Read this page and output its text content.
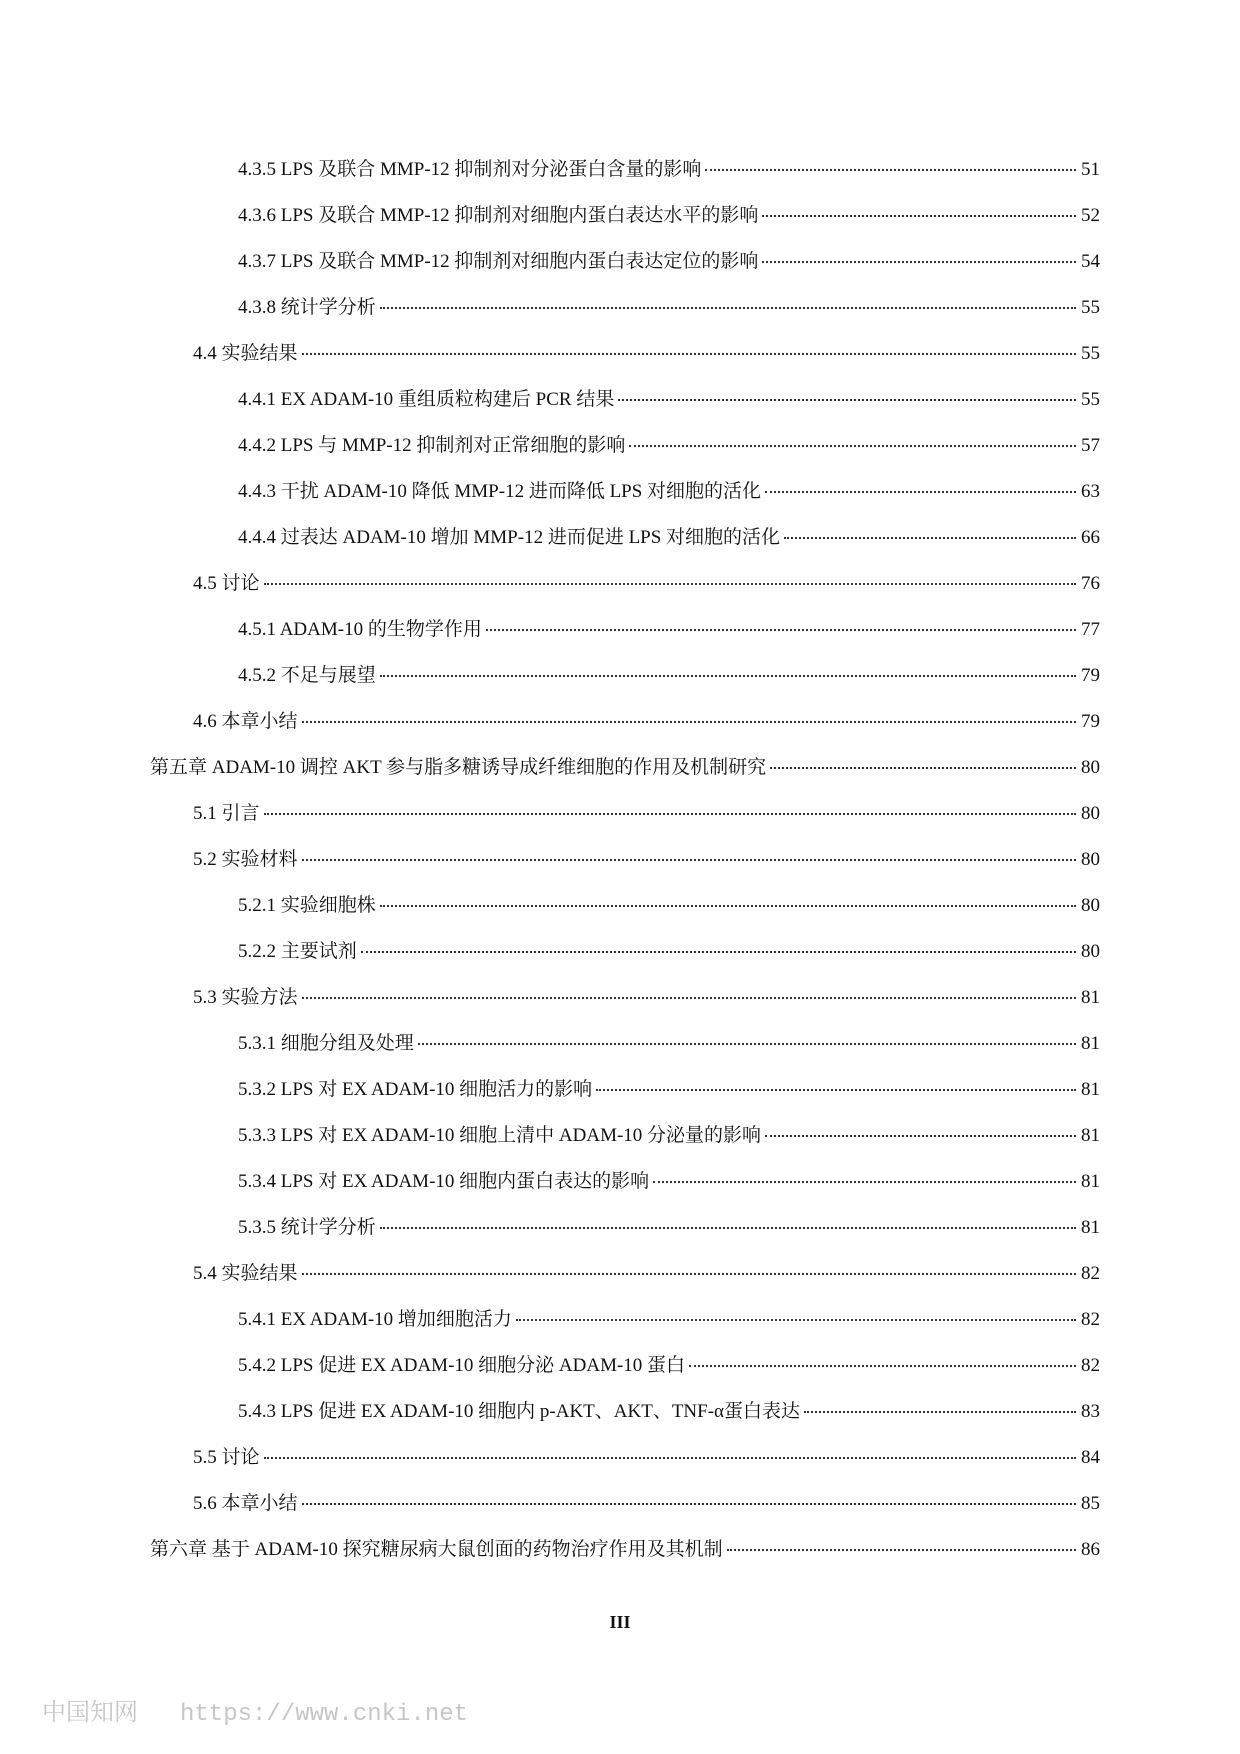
4.3.5 LPS 及联合 MMP-12 抑制剂对分泌蛋白含量的影响	51
4.3.6 LPS 及联合 MMP-12 抑制剂对细胞内蛋白表达水平的影响	52
4.3.7 LPS 及联合 MMP-12 抑制剂对细胞内蛋白表达定位的影响	54
4.3.8 统计学分析	55
4.4 实验结果	55
4.4.1 EX ADAM-10 重组质粒构建后 PCR 结果	55
4.4.2 LPS 与 MMP-12 抑制剂对正常细胞的影响	57
4.4.3 干扰 ADAM-10 降低 MMP-12 进而降低 LPS 对细胞的活化	63
4.4.4 过表达 ADAM-10 增加 MMP-12 进而促进 LPS 对细胞的活化	66
4.5 讨论	76
4.5.1 ADAM-10 的生物学作用	77
4.5.2 不足与展望	79
4.6 本章小结	79
第五章 ADAM-10 调控 AKT 参与脂多糖诱导成纤维细胞的作用及机制研究	80
5.1 引言	80
5.2 实验材料	80
5.2.1 实验细胞株	80
5.2.2 主要试剂	80
5.3 实验方法	81
5.3.1 细胞分组及处理	81
5.3.2 LPS 对 EX ADAM-10 细胞活力的影响	81
5.3.3 LPS 对 EX ADAM-10 细胞上清中 ADAM-10 分泌量的影响	81
5.3.4 LPS 对 EX ADAM-10 细胞内蛋白表达的影响	81
5.3.5 统计学分析	81
5.4 实验结果	82
5.4.1 EX ADAM-10 增加细胞活力	82
5.4.2 LPS 促进 EX ADAM-10 细胞分泌 ADAM-10 蛋白	82
5.4.3 LPS 促进 EX ADAM-10 细胞内 p-AKT、AKT、TNF-α蛋白表达	83
5.5 讨论	84
5.6 本章小结	85
第六章 基于 ADAM-10 探究糖尿病大鼠创面的药物治疗作用及其机制	86
III
中国知网 https://www.cnki.net
